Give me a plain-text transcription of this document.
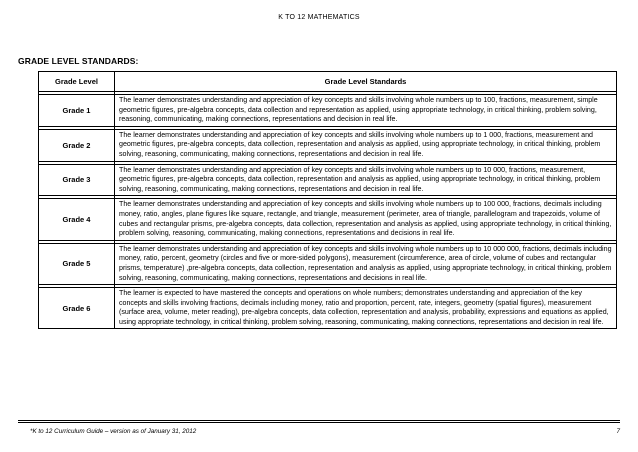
K TO 12 MATHEMATICS
GRADE LEVEL STANDARDS:
Grade Level	Grade Level Standards

Grade 1	The learner demonstrates understanding and appreciation of key concepts and skills involving whole numbers up to 100, fractions, measurement, simple geometric figures, pre-algebra concepts, data collection and representation as applied, using appropriate technology, in critical thinking, problem solving, reasoning, communicating, making connections, representations and decision in real life.

Grade 2	The learner demonstrates understanding and appreciation of key concepts and skills involving whole numbers up to 1 000, fractions, measurement and geometric figures, pre-algebra concepts, data collection, representation and analysis as applied, using appropriate technology, in critical thinking, problem solving, reasoning, communicating, making connections, representations and decision in real life.

Grade 3	The learner demonstrates understanding and appreciation of key concepts and skills involving whole numbers up to 10 000, fractions, measurement, geometric figures, pre-algebra concepts, data collection, representation and analysis as applied, using appropriate technology, in critical thinking, problem solving, reasoning, communicating, making connections, representations and decision in real life.

Grade 4	The learner demonstrates understanding and appreciation of key concepts and skills involving whole numbers up to 100 000, fractions, decimals including money, ratio, angles, plane figures like square, rectangle, and triangle, measurement (perimeter, area of triangle, parallelogram and trapezoids, volume of cubes and rectangular prisms, pre-algebra concepts, data collection, representation and analysis as applied, using appropriate technology, in critical thinking, problem solving, reasoning, communicating, making connections, representations and decisions in real life.

Grade 5	The learner demonstrates understanding and appreciation of key concepts and skills involving whole numbers up to 10 000 000, fractions, decimals including money, ratio, percent, geometry (circles and five or more-sided polygons), measurement (circumference, area of circle, volume of cubes and rectangular prisms, temperature) ,pre-algebra concepts, data collection, representation and analysis as applied, using appropriate technology, in critical thinking, problem solving, reasoning, communicating, making connections, representations and decisions in real life.

Grade 6	The learner is expected to have mastered the concepts and operations on whole numbers; demonstrates understanding and appreciation of the key concepts and skills involving fractions, decimals including money, ratio and proportion, percent, rate, integers, geometry (spatial figures), measurement (surface area, volume, meter reading), pre-algebra concepts, data collection, representation and analysis, probability, expressions and equations as applied, using appropriate technology, in critical thinking, problem solving, reasoning, communicating, making connections, representations and decision in real life.
*K to 12 Curriculum Guide – version as of January 31, 2012	7
